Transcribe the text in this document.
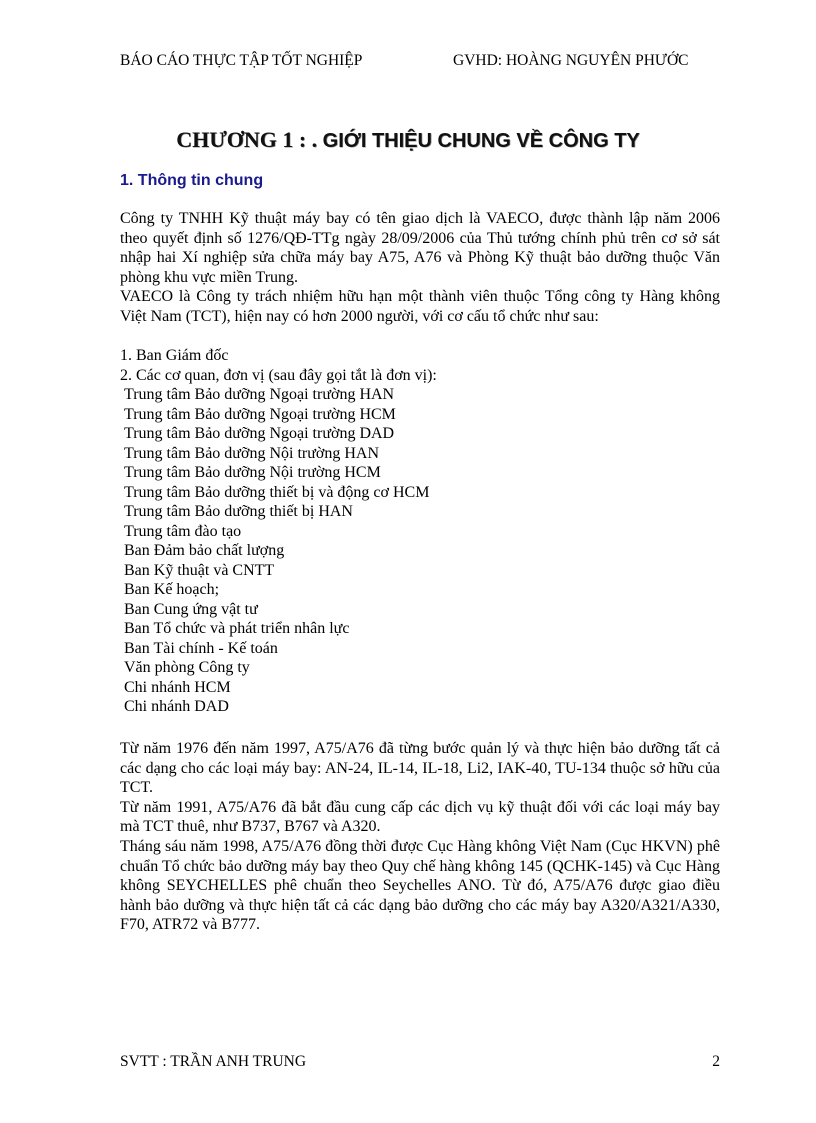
BÁO CÁO THỰC TẬP TỐT NGHIỆP	GVHD: HOÀNG NGUYÊN PHƯỚC
CHƯƠNG 1 : . GIỚI THIỆU CHUNG VỀ CÔNG TY
1. Thông tin chung
Công ty TNHH Kỹ thuật máy bay có tên giao dịch là VAECO, được thành lập năm 2006
theo quyết định số 1276/QĐ-TTg ngày 28/09/2006 của Thủ tướng chính phủ trên cơ sở sát
nhập hai Xí nghiệp sửa chữa máy bay A75, A76 và Phòng Kỹ thuật bảo dưỡng thuộc Văn
phòng khu vực miền Trung.
VAECO là Công ty trách nhiệm hữu hạn một thành viên thuộc Tổng công ty Hàng không
Việt Nam (TCT), hiện nay có hơn 2000 người, với cơ cấu tổ chức như sau:
1. Ban Giám đốc
2. Các cơ quan, đơn vị (sau đây gọi tắt là đơn vị):
Trung tâm Bảo dưỡng Ngoại trường HAN
Trung tâm Bảo dưỡng Ngoại trường HCM
Trung tâm Bảo dưỡng Ngoại trường DAD
Trung tâm Bảo dưỡng Nội trường HAN
Trung tâm Bảo dưỡng Nội trường HCM
Trung tâm Bảo dưỡng thiết bị và động cơ HCM
Trung tâm Bảo dưỡng thiết bị HAN
Trung tâm đào tạo
Ban Đảm bảo chất lượng
Ban Kỹ thuật và CNTT
Ban Kế hoạch;
Ban Cung ứng vật tư
Ban Tổ chức và phát triển nhân lực
Ban Tài chính - Kế toán
Văn phòng Công ty
Chi nhánh HCM
Chi nhánh DAD
Từ năm 1976 đến năm 1997, A75/A76 đã từng bước quản lý và thực hiện bảo dưỡng tất cả
các dạng cho các loại máy bay: AN-24, IL-14, IL-18, Li2, IAK-40, TU-134 thuộc sở hữu của
TCT.
Từ năm 1991, A75/A76 đã bắt đầu cung cấp các dịch vụ kỹ thuật đối với các loại máy bay
mà TCT thuê, như B737, B767 và A320.
Tháng sáu năm 1998, A75/A76 đồng thời được Cục Hàng không Việt Nam (Cục HKVN) phê
chuẩn Tổ chức bảo dưỡng máy bay theo Quy chế hàng không 145 (QCHK-145) và Cục Hàng
không SEYCHELLES phê chuẩn theo Seychelles ANO. Từ đó, A75/A76 được giao điều
hành bảo dưỡng và thực hiện tất cả các dạng bảo dưỡng cho các máy bay A320/A321/A330,
F70, ATR72 và B777.
SVTT : TRẦN ANH TRUNG	2
